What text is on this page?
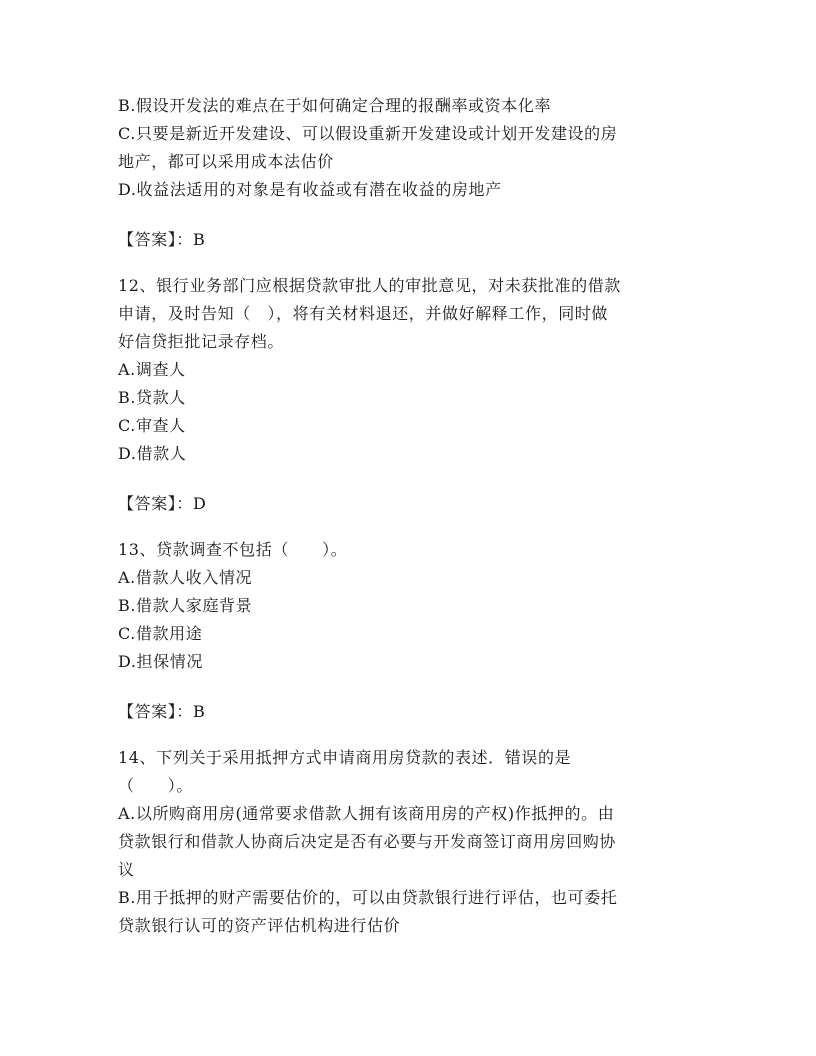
B.假设开发法的难点在于如何确定合理的报酬率或资本化率
C.只要是新近开发建设、可以假设重新开发建设或计划开发建设的房
地产，都可以采用成本法估价
D.收益法适用的对象是有收益或有潜在收益的房地产
【答案】：B
12、银行业务部门应根据贷款审批人的审批意见，对未获批准的借款
申请，及时告知（　），将有关材料退还，并做好解释工作，同时做
好信贷拒批记录存档。
A.调查人
B.贷款人
C.审查人
D.借款人
【答案】：D
13、贷款调查不包括（　　）。
A.借款人收入情况
B.借款人家庭背景
C.借款用途
D.担保情况
【答案】：B
14、下列关于采用抵押方式申请商用房贷款的表述．错误的是
（　　）。
A.以所购商用房(通常要求借款人拥有该商用房的产权)作抵押的。由
贷款银行和借款人协商后决定是否有必要与开发商签订商用房回购协
议
B.用于抵押的财产需要估价的，可以由贷款银行进行评估，也可委托
贷款银行认可的资产评估机构进行估价
